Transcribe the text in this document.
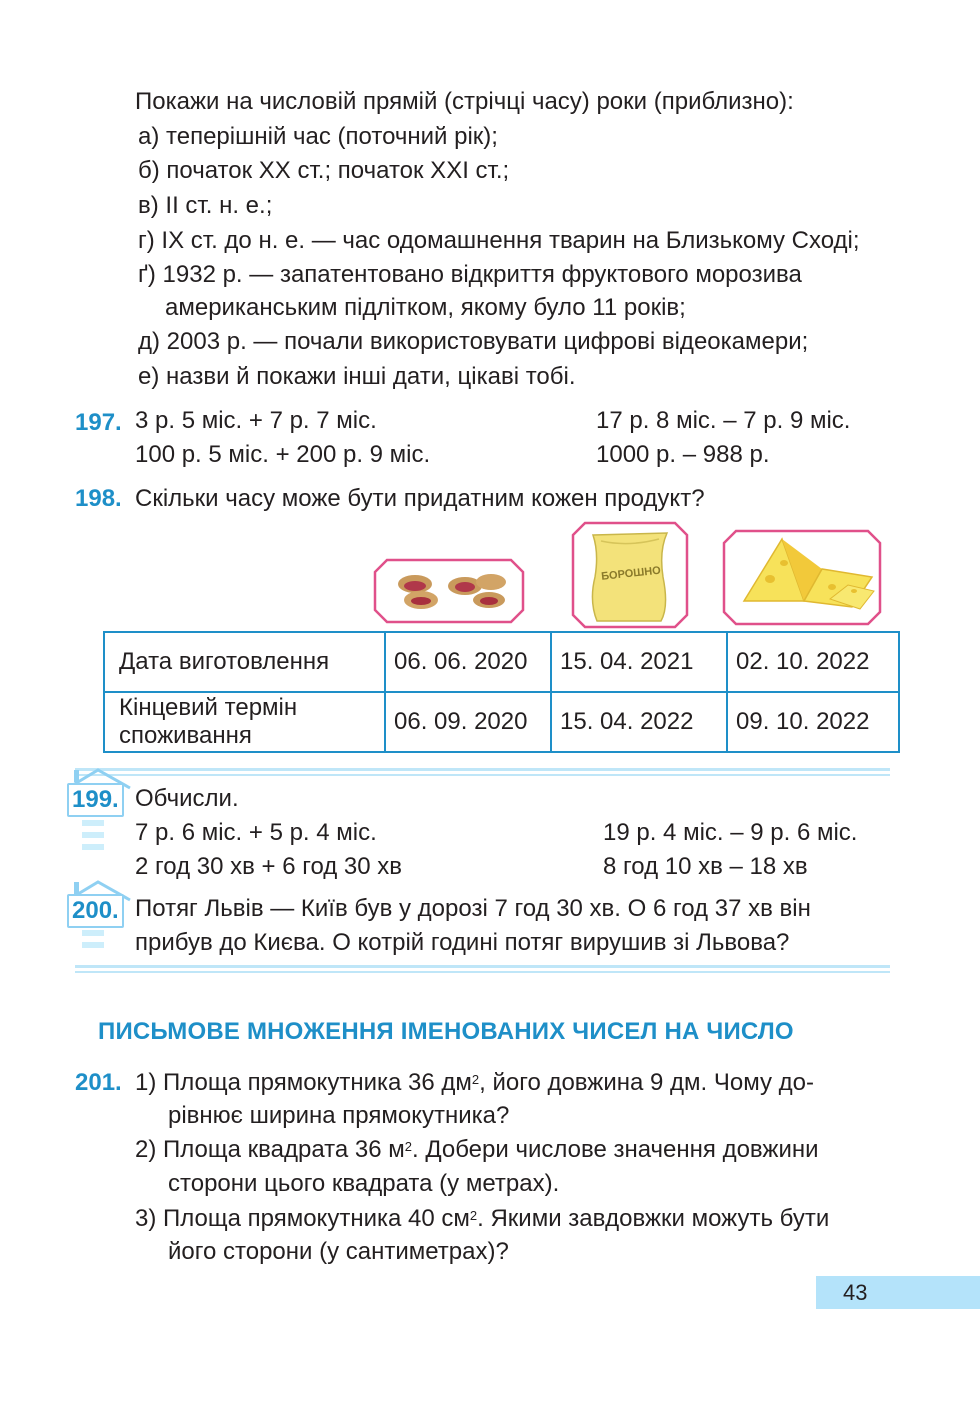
Покажи на числовій прямій (стрічці часу) роки (приблизно):
а) теперішній час (поточний рік);
б) початок XX ст.; початок XXI ст.;
в) II ст. н. е.;
г) IX ст. до н. е. — час одомашнення тварин на Близькому Сході;
ґ) 1932 р. — запатентовано відкриття фруктового морозива
американським підлітком, якому було 11 років;
д) 2003 р. — почали використовувати цифрові відеокамери;
е) назви й покажи інші дати, цікаві тобі.
197. 3 р. 5 міс. + 7 р. 7 міс.
100 р. 5 міс. + 200 р. 9 міс.
17 р. 8 міс. – 7 р. 9 міс.
1000 р. – 988 р.
198. Скільки часу може бути придатним кожен продукт?
БОРОШНО
Дата виготовлення	06. 06. 2020	15. 04. 2021	02. 10. 2022

Кінцевий термін
споживання	06. 09. 2020	15. 04. 2022	09. 10. 2022
199. Обчисли.
7 р. 6 міс. + 5 р. 4 міс.
2 год 30 хв + 6 год 30 хв
19 р. 4 міс. – 9 р. 6 міс.
8 год 10 хв – 18 хв
200. Потяг Львів — Київ був у дорозі 7 год 30 хв. О 6 год 37 хв він
прибув до Києва. О котрій годині потяг вирушив зі Львова?
ПИСЬМОВЕ МНОЖЕННЯ ІМЕНОВАНИХ ЧИСЕЛ НА ЧИСЛО
201. 1) Площа прямокутника 36 $дм^2$, його довжина 9 дм. Чому до-
рівнює ширина прямокутника?
2) Площа квадрата 36 $м^2$. Добери числове значення довжини
сторони цього квадрата (у метрах).
3) Площа прямокутника 40 $см^2$. Якими завдовжки можуть бути
його сторони (у сантиметрах)?
43
